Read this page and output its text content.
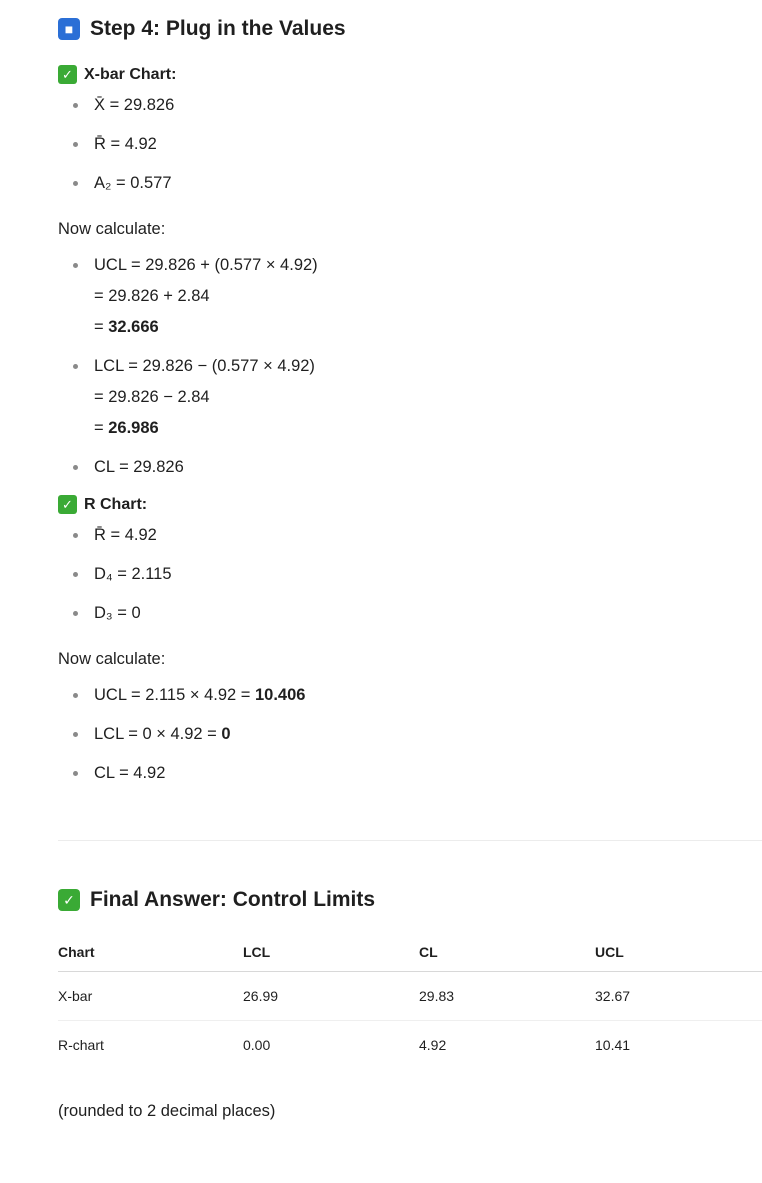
■ Step 4: Plug in the Values
✓ X-bar Chart:
X̄ = 29.826
R̄ = 4.92
A₂ = 0.577

Now calculate:

UCL = 29.826 + (0.577 × 4.92)
= 29.826 + 2.84
= 32.666
LCL = 29.826 − (0.577 × 4.92)
= 29.826 − 2.84
= 26.986
CL = 29.826
✓ R Chart:
R̄ = 4.92
D₄ = 2.115
D₃ = 0

Now calculate:

UCL = 2.115 × 4.92 = 10.406
LCL = 0 × 4.92 = 0
CL = 4.92
✓ Final Answer: Control Limits
Chart	LCL	CL	UCL
X-bar	26.99	29.83	32.67
R-chart	0.00	4.92	10.41

(rounded to 2 decimal places)
